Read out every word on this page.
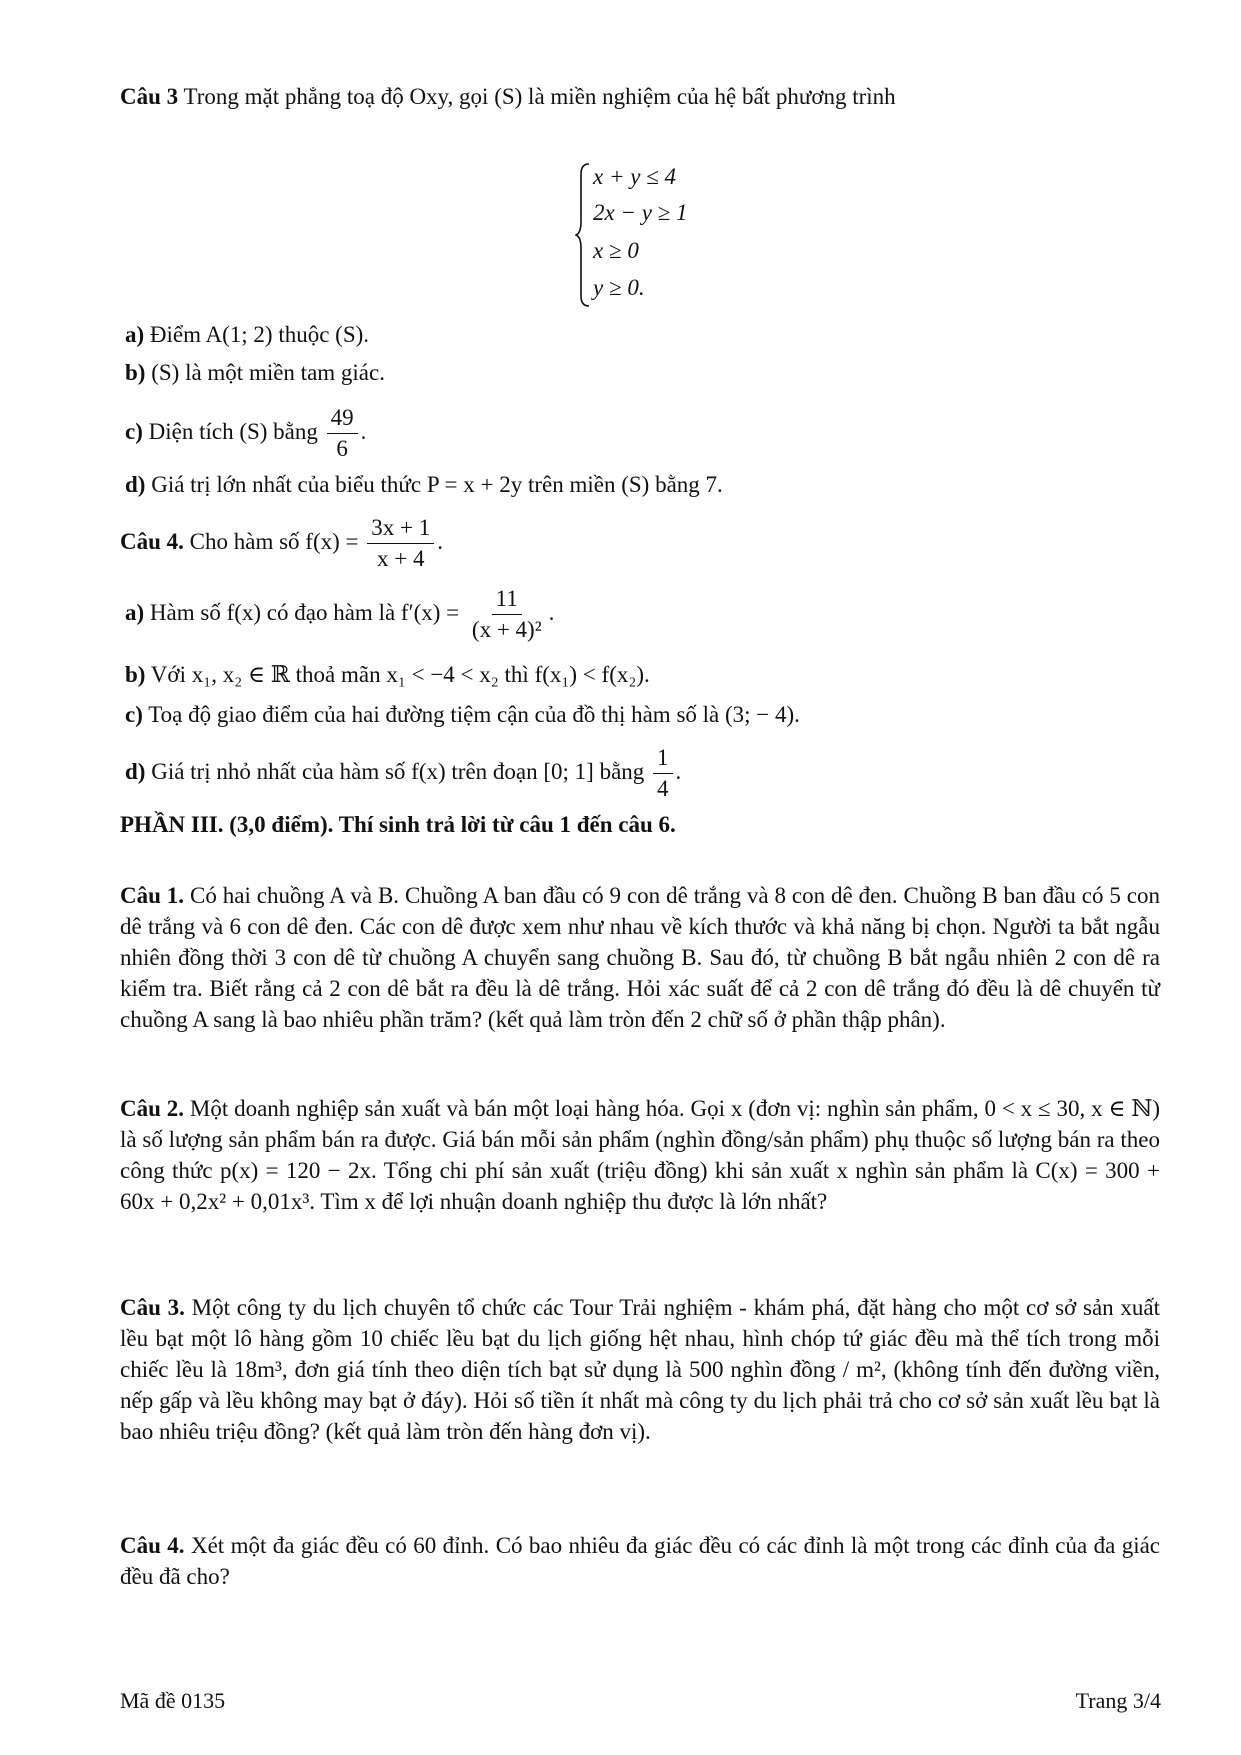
Câu 3 Trong mặt phẳng toạ độ Oxy, gọi (S) là miền nghiệm của hệ bất phương trình
x + y ≤ 4
2x − y ≥ 1
x ≥ 0
y ≥ 0.
a) Điểm A(1; 2) thuộc (S).
b) (S) là một miền tam giác.
c) Diện tích (S) bằng $\frac{49}{6}$ .
d) Giá trị lớn nhất của biểu thức P = x + 2y trên miền (S) bằng 7.
Câu 4. Cho hàm số $f(x) = \frac{3x + 1}{x + 4}$ .
a) Hàm số f(x) có đạo hàm là $f'(x) = \frac{11}{\text{(x + 4)²}}$ .
b) Với x₁, x₂ ∈ ℝ thoả mãn x₁ < −4 < x₂ thì f(x₁) < f(x₂).
c) Toạ độ giao điểm của hai đường tiệm cận của đồ thị hàm số là (3; − 4).
d) Giá trị nhỏ nhất của hàm số f(x) trên đoạn [0; 1] bằng $\frac{1}{4}$ .
PHẦN III. (3,0 điểm). Thí sinh trả lời từ câu 1 đến câu 6.
Câu 1. Có hai chuồng A và B. Chuồng A ban đầu có 9 con dê trắng và 8 con dê đen. Chuồng B ban đầu có 5 con dê trắng và 6 con dê đen. Các con dê được xem như nhau về kích thước và khả năng bị chọn. Người ta bắt ngẫu nhiên đồng thời 3 con dê từ chuồng A chuyển sang chuồng B. Sau đó, từ chuồng B bắt ngẫu nhiên 2 con dê ra kiểm tra. Biết rằng cả 2 con dê bắt ra đều là dê trắng. Hỏi xác suất để cả 2 con dê trắng đó đều là dê chuyển từ chuồng A sang là bao nhiêu phần trăm? (kết quả làm tròn đến 2 chữ số ở phần thập phân).
Câu 2. Một doanh nghiệp sản xuất và bán một loại hàng hóa. Gọi x (đơn vị: nghìn sản phẩm, 0 < x ≤ 30, x ∈ ℕ) là số lượng sản phẩm bán ra được. Giá bán mỗi sản phẩm (nghìn đồng/sản phẩm) phụ thuộc số lượng bán ra theo công thức p(x) = 120 − 2x. Tổng chi phí sản xuất (triệu đồng) khi sản xuất x nghìn sản phẩm là C(x) = 300 + 60x + 0,2x² + 0,01x³. Tìm x để lợi nhuận doanh nghiệp thu được là lớn nhất?
Câu 3. Một công ty du lịch chuyên tổ chức các Tour Trải nghiệm - khám phá, đặt hàng cho một cơ sở sản xuất lều bạt một lô hàng gồm 10 chiếc lều bạt du lịch giống hệt nhau, hình chóp tứ giác đều mà thể tích trong mỗi chiếc lều là 18m³, đơn giá tính theo diện tích bạt sử dụng là 500 nghìn đồng / m², (không tính đến đường viền, nếp gấp và lều không may bạt ở đáy). Hỏi số tiền ít nhất mà công ty du lịch phải trả cho cơ sở sản xuất lều bạt là bao nhiêu triệu đồng? (kết quả làm tròn đến hàng đơn vị).
Câu 4. Xét một đa giác đều có 60 đỉnh. Có bao nhiêu đa giác đều có các đỉnh là một trong các đỉnh của đa giác đều đã cho?
Mã đề 0135	Trang 3/4
